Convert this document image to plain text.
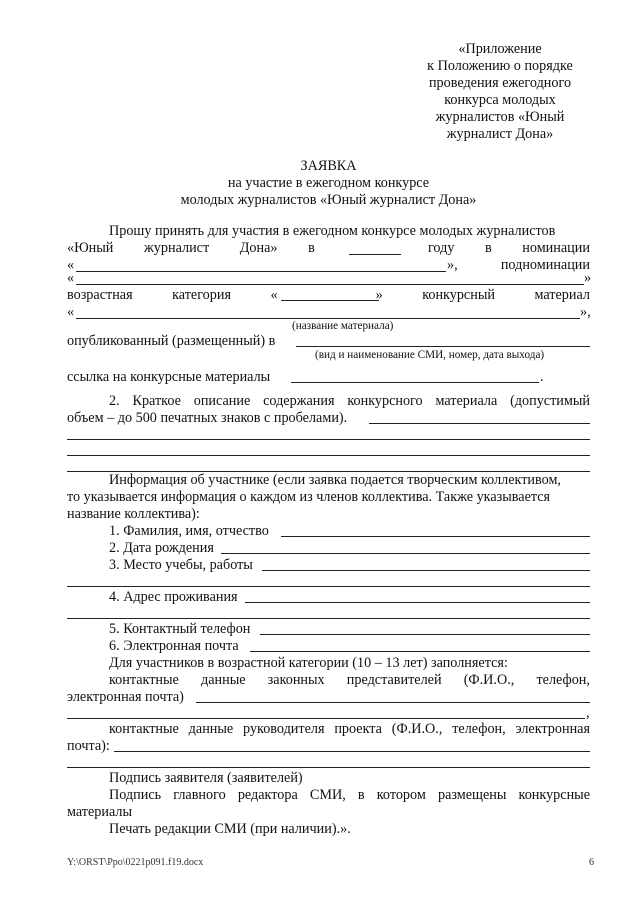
«Приложение
к Положению о порядке
проведения ежегодного
конкурса молодых
журналистов «Юный
журналист Дона»
ЗАЯВКА
на участие в ежегодном конкурсе
молодых журналистов «Юный журналист Дона»
Прошу принять для участия в ежегодном конкурсе молодых журналистов
«Юный журналист Дона» в	году в номинации
«	»,	подноминации
«	»
возрастная	категория	«	»	конкурсный	материал
«	»,
(название материала)
опубликованный (размещенный) в
(вид и наименование СМИ, номер, дата выхода)
ссылка на конкурсные материалы	.
2. Краткое описание содержания конкурсного материала (допустимый
объем – до 500 печатных знаков с пробелами).
Информация об участнике (если заявка подается творческим коллективом,
то указывается информация о каждом из членов коллектива. Также указывается
название коллектива):
1. Фамилия, имя, отчество
2. Дата рождения
3. Место учебы, работы
4. Адрес проживания
5. Контактный телефон
6. Электронная почта
Для участников в возрастной категории (10 – 13 лет) заполняется:
контактные данные законных представителей (Ф.И.О., телефон,
электронная почта)
,
контактные данные руководителя проекта (Ф.И.О., телефон, электронная
почта):
Подпись заявителя (заявителей)
Подпись главного редактора СМИ, в котором размещены конкурсные
материалы
Печать редакции СМИ (при наличии).».
Y:\ORST\Ppo\0221p091.f19.docx	6
